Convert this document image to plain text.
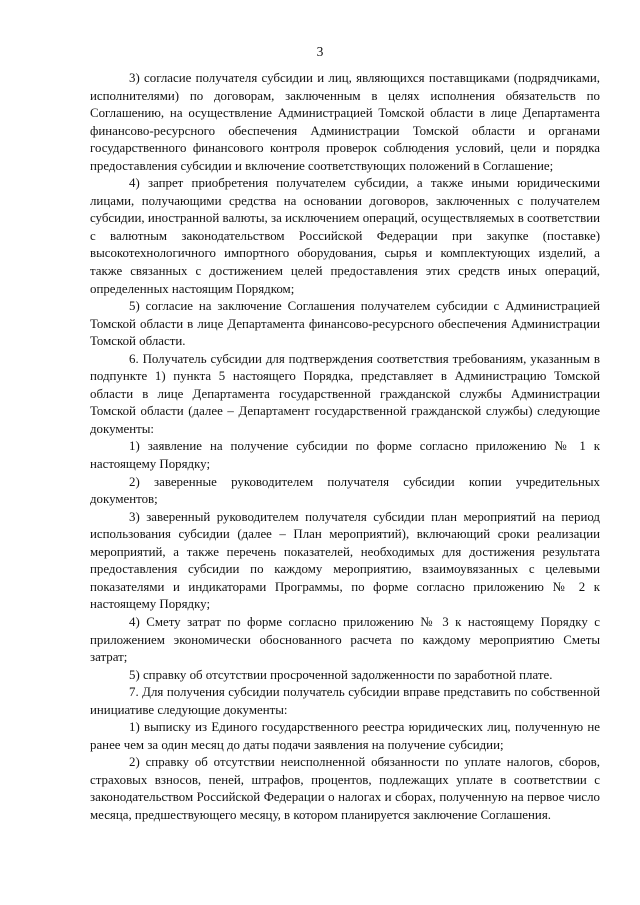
3

3) согласие получателя субсидии и лиц, являющихся поставщиками (подрядчиками, исполнителями) по договорам, заключенным в целях исполнения обязательств по Соглашению, на осуществление Администрацией Томской области в лице Департамента финансово-ресурсного обеспечения Администрации Томской области и органами государственного финансового контроля проверок соблюдения условий, цели и порядка предоставления субсидии и включение соответствующих положений в Соглашение;

4) запрет приобретения получателем субсидии, а также иными юридическими лицами, получающими средства на основании договоров, заключенных с получателем субсидии, иностранной валюты, за исключением операций, осуществляемых в соответствии с валютным законодательством Российской Федерации при закупке (поставке) высокотехнологичного импортного оборудования, сырья и комплектующих изделий, а также связанных с достижением целей предоставления этих средств иных операций, определенных настоящим Порядком;

5) согласие на заключение Соглашения получателем субсидии с Администрацией Томской области в лице Департамента финансово-ресурсного обеспечения Администрации Томской области.

6. Получатель субсидии для подтверждения соответствия требованиям, указанным в подпункте 1) пункта 5 настоящего Порядка, представляет в Администрацию Томской области в лице Департамента государственной гражданской службы Администрации Томской области (далее – Департамент государственной гражданской службы) следующие документы:

1) заявление на получение субсидии по форме согласно приложению № 1 к настоящему Порядку;

2) заверенные руководителем получателя субсидии копии учредительных документов;

3) заверенный руководителем получателя субсидии план мероприятий на период использования субсидии (далее – План мероприятий), включающий сроки реализации мероприятий, а также перечень показателей, необходимых для достижения результата предоставления субсидии по каждому мероприятию, взаимоувязанных с целевыми показателями и индикаторами Программы, по форме согласно приложению № 2 к настоящему Порядку;

4) Смету затрат по форме согласно приложению № 3 к настоящему Порядку с приложением экономически обоснованного расчета по каждому мероприятию Сметы затрат;

5) справку об отсутствии просроченной задолженности по заработной плате.

7. Для получения субсидии получатель субсидии вправе представить по собственной инициативе следующие документы:

1) выписку из Единого государственного реестра юридических лиц, полученную не ранее чем за один месяц до даты подачи заявления на получение субсидии;

2) справку об отсутствии неисполненной обязанности по уплате налогов, сборов, страховых взносов, пеней, штрафов, процентов, подлежащих уплате в соответствии с законодательством Российской Федерации о налогах и сборах, полученную на первое число месяца, предшествующего месяцу, в котором планируется заключение Соглашения.
